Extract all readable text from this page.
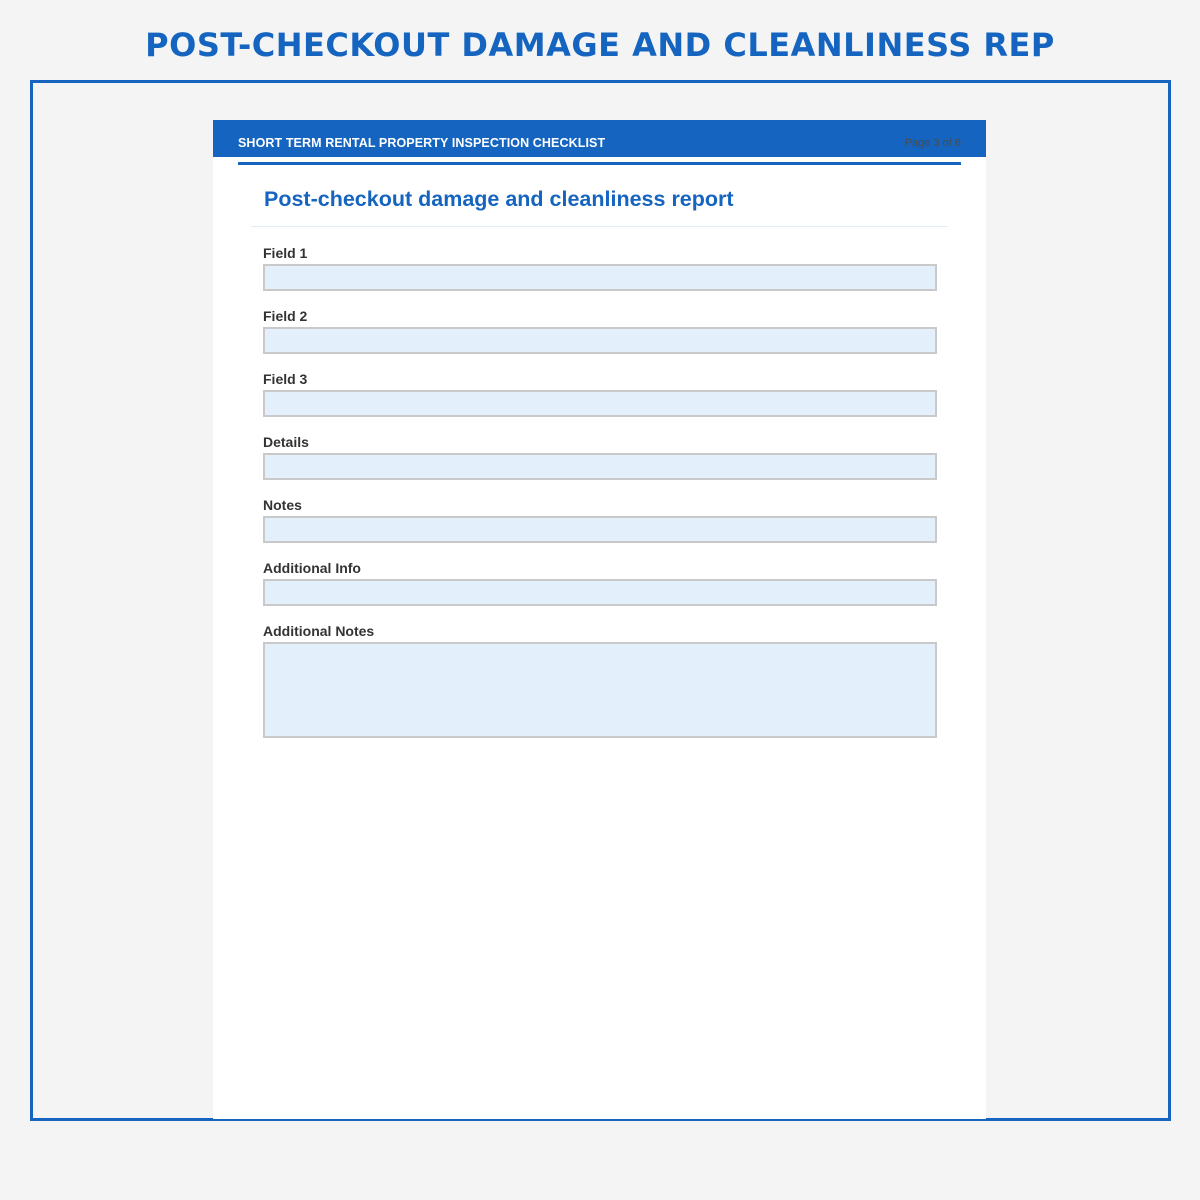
POST-CHECKOUT DAMAGE AND CLEANLINESS REP
SHORT TERM RENTAL PROPERTY INSPECTION CHECKLIST	Page 3 of 6
Post-checkout damage and cleanliness report
Field 1
Field 2
Field 3
Details
Notes
Additional Info
Additional Notes
